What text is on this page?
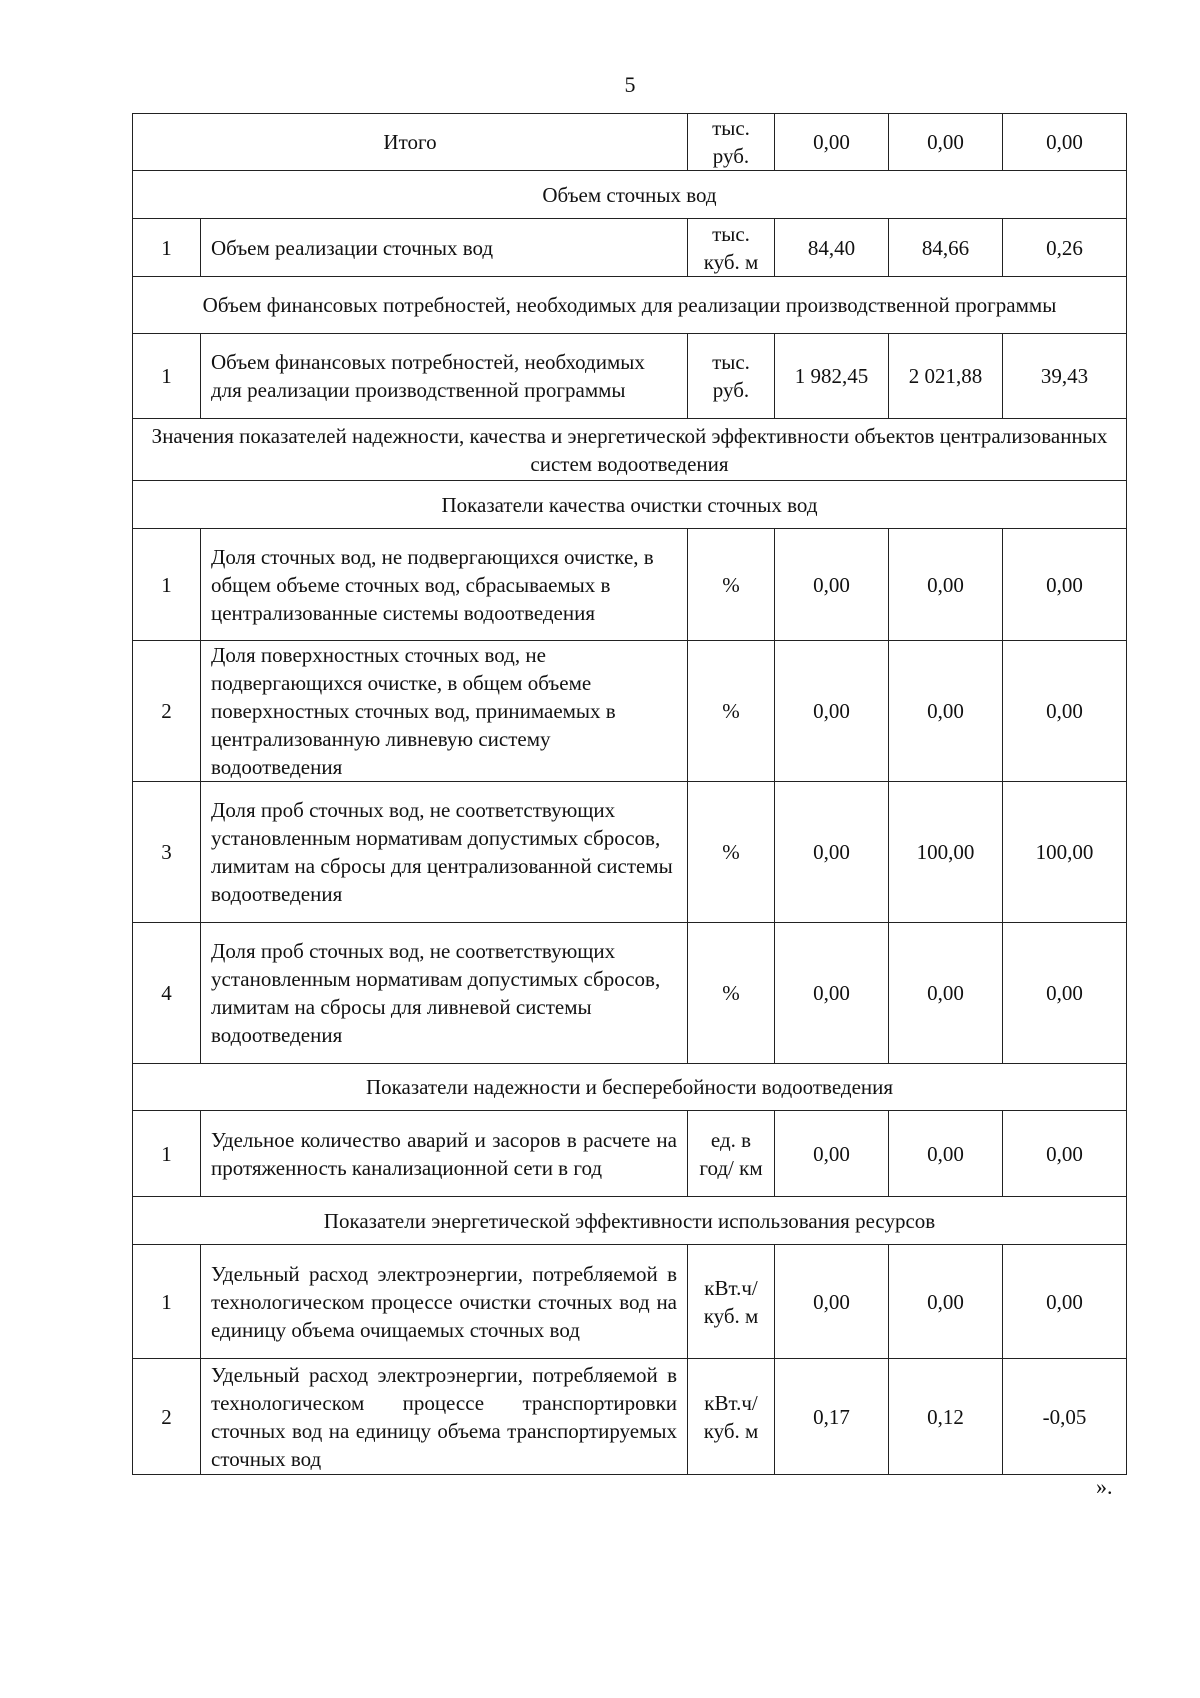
5
Итого		тыс. руб.	0,00	0,00	0,00
Объем сточных вод					
1	Объем реализации сточных вод	тыс. куб. м	84,40	84,66	0,26
Объем финансовых потребностей, необходимых для реализации производственной программы					
1	Объем финансовых потребностей, необходимых для реализации производственной программы	тыс. руб.	1 982,45	2 021,88	39,43
Значения показателей надежности, качества и энергетической эффективности объектов централизованных систем водоотведения					
Показатели качества очистки сточных вод					
1	Доля сточных вод, не подвергающихся очистке, в общем объеме сточных вод, сбрасываемых в централизованные системы водоотведения	%	0,00	0,00	0,00
2	Доля поверхностных сточных вод, не подвергающихся очистке, в общем объеме поверхностных сточных вод, принимаемых в централизованную ливневую систему водоотведения	%	0,00	0,00	0,00
3	Доля проб сточных вод, не соответствующих установленным нормативам допустимых сбросов, лимитам на сбросы для централизованной системы водоотведения	%	0,00	100,00	100,00
4	Доля проб сточных вод, не соответствующих установленным нормативам допустимых сбросов, лимитам на сбросы для ливневой системы водоотведения	%	0,00	0,00	0,00
Показатели надежности и бесперебойности водоотведения					
1	Удельное количество аварий и засоров в расчете на протяженность канализационной сети в год	ед. в год/ км	0,00	0,00	0,00
Показатели энергетической эффективности использования ресурсов					
1	Удельный расход электроэнергии, потребляемой в технологическом процессе очистки сточных вод на единицу объема очищаемых сточных вод	кВт.ч/ куб. м	0,00	0,00	0,00
2	Удельный расход электроэнергии, потребляемой в технологическом процессе транспортировки сточных вод на единицу объема транспортируемых сточных вод	кВт.ч/ куб. м	0,17	0,12	-0,05
».
